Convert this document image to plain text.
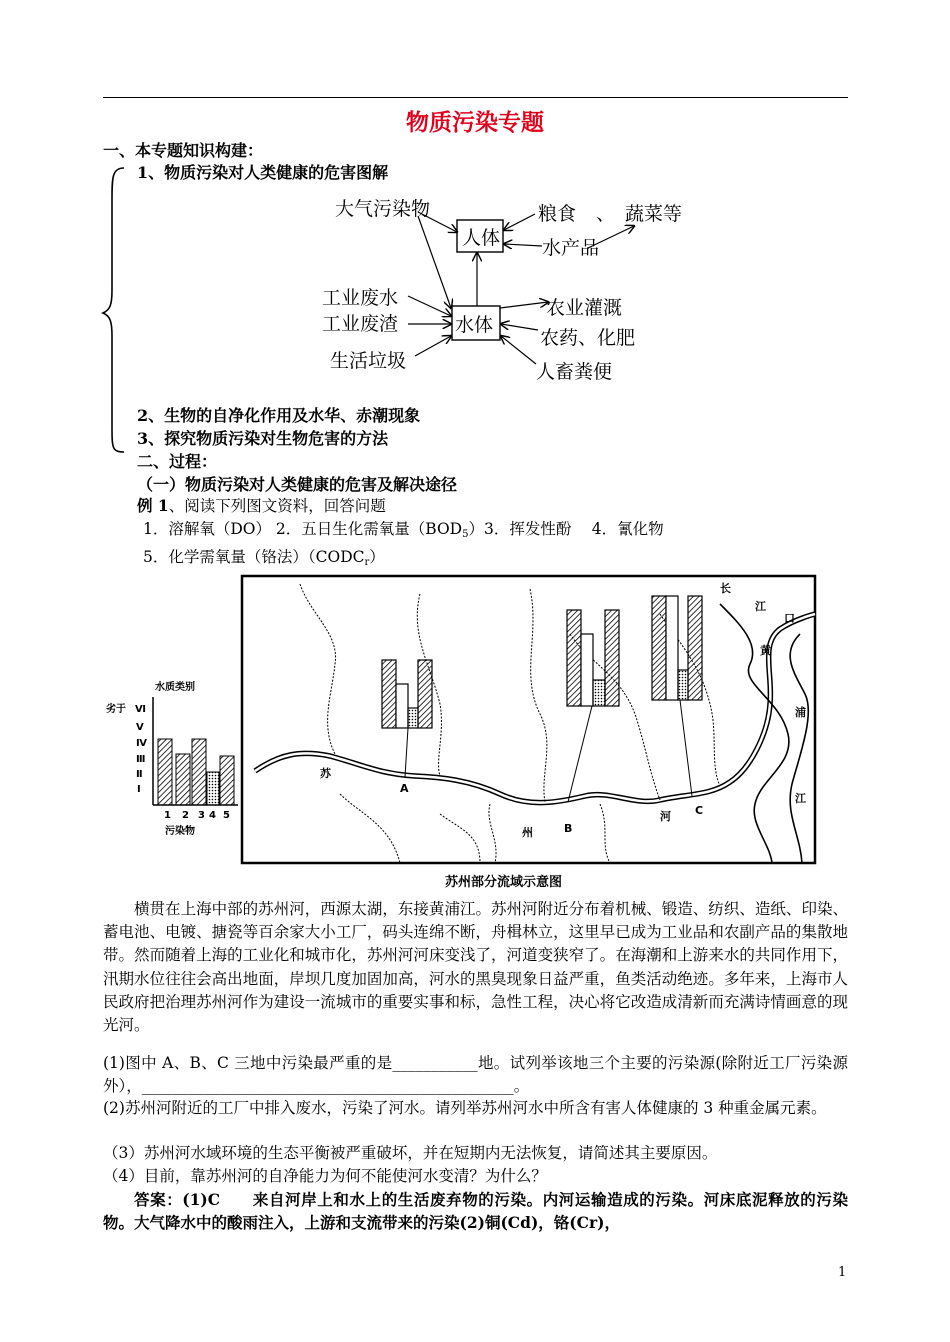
物质污染专题
一、本专题知识构建：
1、物质污染对人类健康的危害图解
人体
水体
大气污染物	粮食 、 蔬菜等
水产品
工业废水
工业废渣
生活垃圾
农业灌溉
农药、化肥
人畜粪便
2、生物的自净化作用及水华、赤潮现象
3、探究物质污染对生物危害的方法
二、过程：
（一）物质污染对人类健康的危害及解决途径
例 1、阅读下列图文资料，回答问题
1．溶解氧（DO） 2．五日生化需氧量$(BOD_5)3$．挥发性酚　 4．氰化物
5．化学需氧量（铬法）$(CODC_r)$
水质类别
劣于 Ⅵ
Ⅴ
Ⅳ
Ⅲ
Ⅱ
Ⅰ
1 2 3 4 5
污染物
A
B
C
长
江
口
黄
浦
江
苏
州
河
苏州部分流域示意图
横贯在上海中部的苏州河，西源太湖，东接黄浦江。苏州河附近分布着机械、锻造、纺织、造纸、印染、蓄电池、电镀、搪瓷等百余家大小工厂，码头连绵不断，舟楫林立，这里早已成为工业品和农副产品的集散地带。然而随着上海的工业化和城市化，苏州河河床变浅了，河道变狭窄了。在海潮和上游来水的共同作用下，汛期水位往往会高出地面，岸坝几度加固加高，河水的黑臭现象日益严重，鱼类活动绝迹。多年来，上海市人民政府把治理苏州河作为建设一流城市的重要实事和标，急性工程，决心将它改造成清新而充满诗情画意的现光河。
(1)图中 A、B、C 三地中污染最严重的是___________地。试列举该地三个主要的污染源(除附近工厂污染源外），________________________________________________。
(2)苏州河附近的工厂中排入废水，污染了河水。请列举苏州河水中所含有害人体健康的 3 种重金属元素。
（3）苏州河水域环境的生态平衡被严重破坏，并在短期内无法恢复，请简述其主要原因。
（4）目前，靠苏州河的自净能力为何不能使河水变清？为什么？
答案：(1)C　　来自河岸上和水上的生活废弃物的污染。内河运输造成的污染。河床底泥释放的污染物。大气降水中的酸雨注入，上游和支流带来的污染(2)铜(Cd)，铬(Cr)，
1
